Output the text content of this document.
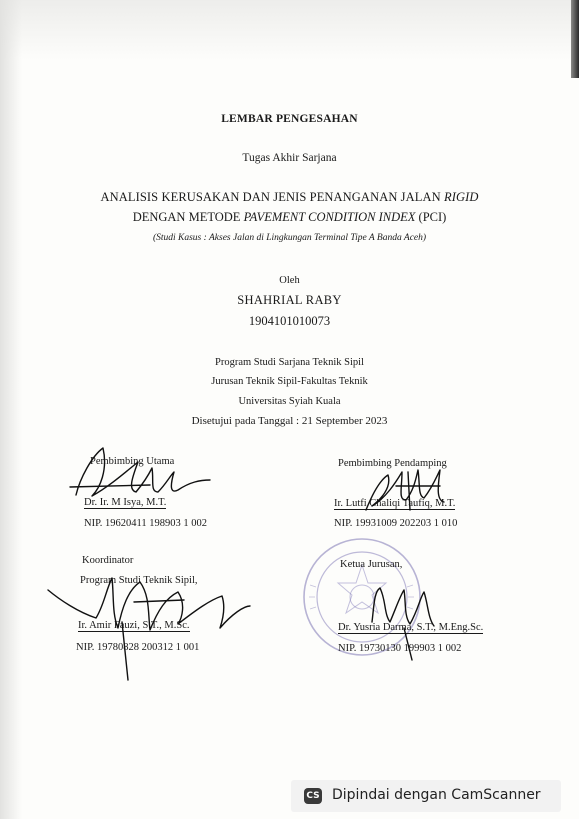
LEMBAR PENGESAHAN
Tugas Akhir Sarjana
ANALISIS KERUSAKAN DAN JENIS PENANGANAN JALAN RIGID
DENGAN METODE PAVEMENT CONDITION INDEX (PCI)
(Studi Kasus : Akses Jalan di Lingkungan Terminal Tipe A Banda Aceh)
Oleh
SHAHRIAL RABY
1904101010073
Program Studi Sarjana Teknik Sipil
Jurusan Teknik Sipil-Fakultas Teknik
Universitas Syiah Kuala
Disetujui pada Tanggal : 21 September 2023
Pembimbing Utama
Dr. Ir. M Isya, M.T.
NIP. 19620411 198903 1 002
Pembimbing Pendamping
Ir. Lutfi Chaliqi Taufiq, M.T.
NIP. 19931009 202203 1 010
Koordinator
Program Studi Teknik Sipil,
Ir. Amir Fauzi, S.T., M.Sc.
NIP. 19780828 200312 1 001
Ketua Jurusan,
Dr. Yusria Darma, S.T., M.Eng.Sc.
NIP. 19730130 199903 1 002
CS Dipindai dengan CamScanner
